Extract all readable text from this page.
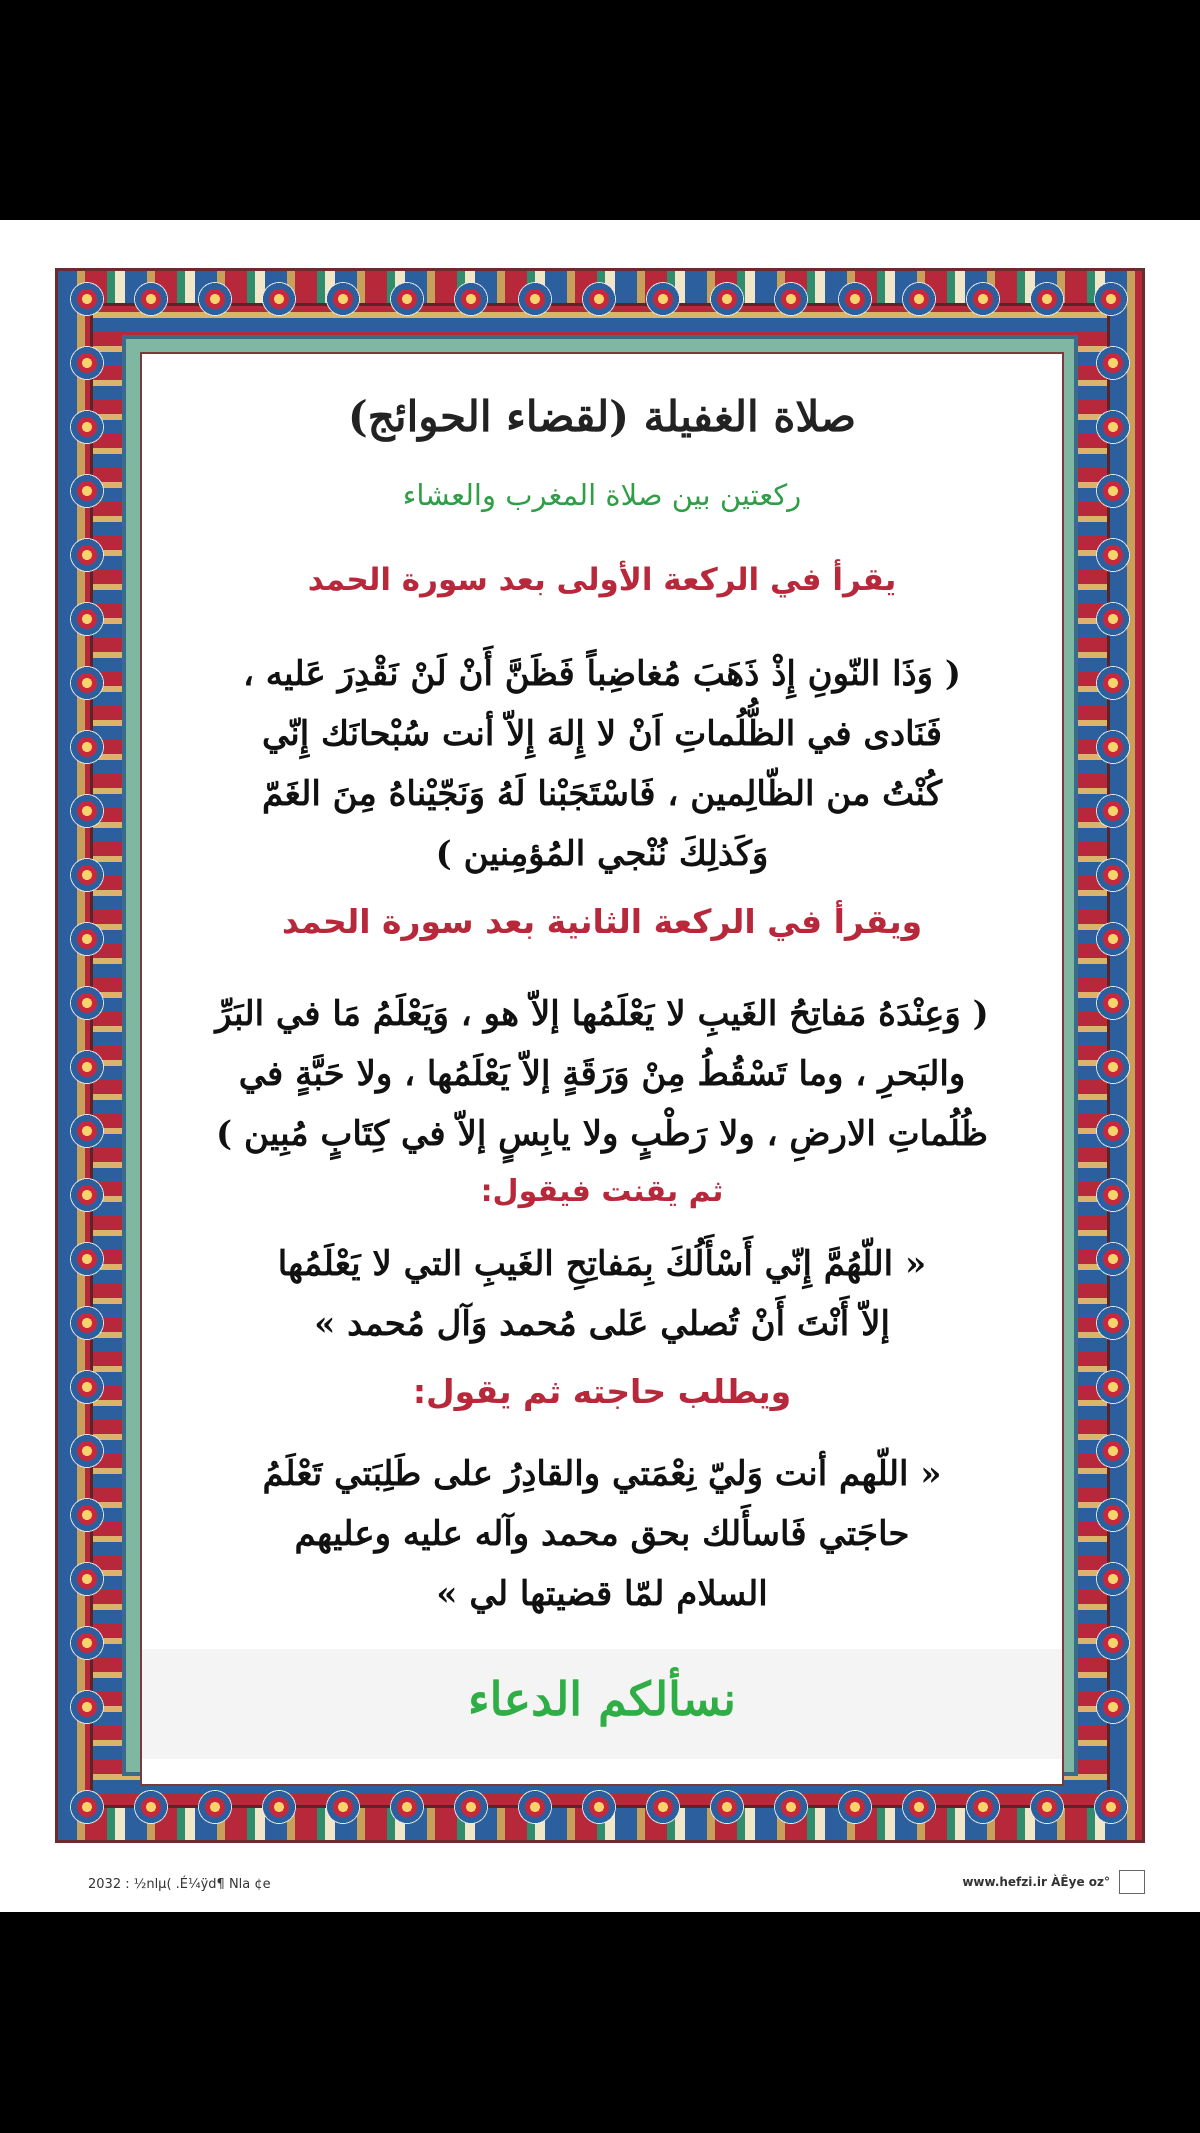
صلاة الغفيلة (لقضاء الحوائج)
ركعتين بين صلاة المغرب والعشاء
يقرأ في الركعة الأولى بعد سورة الحمد
( وَذَا النّونِ إِذْ ذَهَبَ مُغاضِباً فَظَنَّ أَنْ لَنْ نَقْدِرَ عَليه ،
فَنَادى في الظُّلُماتِ اَنْ لا إِلهَ إِلاّ أنت سُبْحانَك إِنّي
كُنْتُ من الظّالِمين ، فَاسْتَجَبْنا لَهُ وَنَجّيْناهُ مِنَ الغَمّ
وَكَذلِكَ نُنْجي المُؤمِنين )
ويقرأ في الركعة الثانية بعد سورة الحمد
( وَعِنْدَهُ مَفاتِحُ الغَيبِ لا يَعْلَمُها إلاّ هو ، وَيَعْلَمُ مَا في البَرِّ
والبَحرِ ، وما تَسْقُطُ مِنْ وَرَقَةٍ إلاّ يَعْلَمُها ، ولا حَبَّةٍ في
ظُلُماتِ الارضِ ، ولا رَطْبٍ ولا يابِسٍ إلاّ في كِتَابٍ مُبِين )
ثم يقنت فيقول:
« اللّهُمَّ إِنّي أَسْأَلُكَ بِمَفاتِحِ الغَيبِ التي لا يَعْلَمُها
إلاّ أَنْتَ أَنْ تُصلي عَلى مُحمد وَآل مُحمد »
ويطلب حاجته ثم يقول:
« اللّهم أنت وَليّ نِعْمَتي والقادِرُ على طَلِبَتي تَعْلَمُ
حاجَتي فَاسأَلك بحق محمد وآله عليه وعليهم
السلام لمّا قضيتها لي »
نسألكم الدعاء
2032 : ½nlµ( .É¼ÿd¶ Nla ¢e	www.hefzi.ir ÀÊye oz°
